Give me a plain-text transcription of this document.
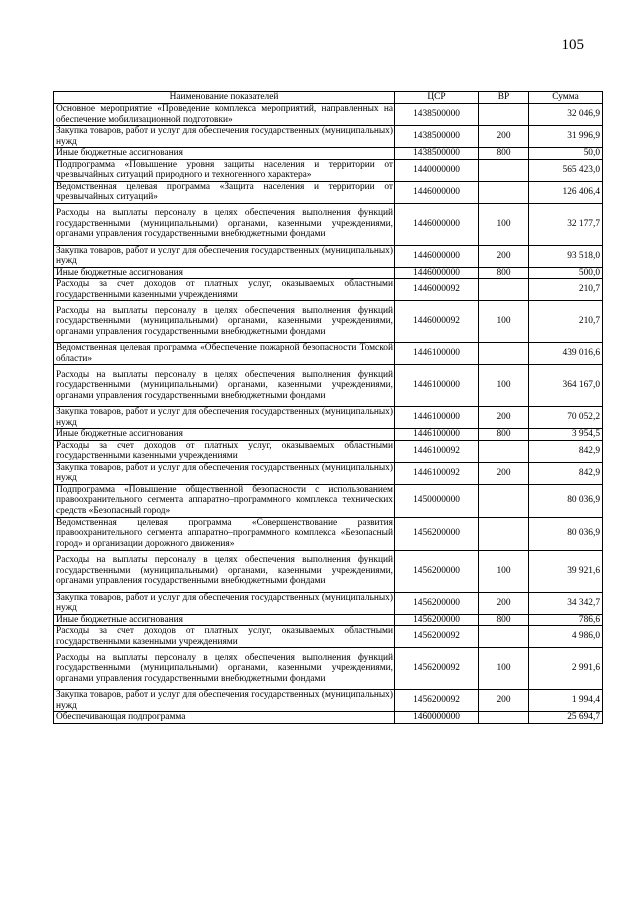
105
Наименование показателей	ЦСР	ВР	Сумма
Основное мероприятие «Проведение комплекса мероприятий, направленных на обеспечение мобилизационной подготовки»	1438500000		32 046,9
Закупка товаров, работ и услуг для обеспечения государственных (муниципальных) нужд	1438500000	200	31 996,9
Иные бюджетные ассигнования	1438500000	800	50,0
Подпрограмма «Повышение уровня защиты населения и территории от чрезвычайных ситуаций природного и техногенного характера»	1440000000		565 423,0
Ведомственная целевая программа «Защита населения и территории от чрезвычайных ситуаций»	1446000000		126 406,4
Расходы на выплаты персоналу в целях обеспечения выполнения функций государственными (муниципальными) органами, казенными учреждениями, органами управления государственными внебюджетными фондами	1446000000	100	32 177,7
Закупка товаров, работ и услуг для обеспечения государственных (муниципальных) нужд	1446000000	200	93 518,0
Иные бюджетные ассигнования	1446000000	800	500,0
Расходы за счет доходов от платных услуг, оказываемых областными государственными казенными учреждениями	1446000092		210,7
Расходы на выплаты персоналу в целях обеспечения выполнения функций государственными (муниципальными) органами, казенными учреждениями, органами управления государственными внебюджетными фондами	1446000092	100	210,7
Ведомственная целевая программа «Обеспечение пожарной безопасности Томской области»	1446100000		439 016,6
Расходы на выплаты персоналу в целях обеспечения выполнения функций государственными (муниципальными) органами, казенными учреждениями, органами управления государственными внебюджетными фондами	1446100000	100	364 167,0
Закупка товаров, работ и услуг для обеспечения государственных (муниципальных) нужд	1446100000	200	70 052,2
Иные бюджетные ассигнования	1446100000	800	3 954,5
Расходы за счет доходов от платных услуг, оказываемых областными государственными казенными учреждениями	1446100092		842,9
Закупка товаров, работ и услуг для обеспечения государственных (муниципальных) нужд	1446100092	200	842,9
Подпрограмма «Повышение общественной безопасности с использованием правоохранительного сегмента аппаратно–программного комплекса технических средств «Безопасный город»	1450000000		80 036,9
Ведомственная целевая программа «Совершенствование развития правоохранительного сегмента аппаратно–программного комплекса «Безопасный город» и организации дорожного движения»	1456200000		80 036,9
Расходы на выплаты персоналу в целях обеспечения выполнения функций государственными (муниципальными) органами, казенными учреждениями, органами управления государственными внебюджетными фондами	1456200000	100	39 921,6
Закупка товаров, работ и услуг для обеспечения государственных (муниципальных) нужд	1456200000	200	34 342,7
Иные бюджетные ассигнования	1456200000	800	786,6
Расходы за счет доходов от платных услуг, оказываемых областными государственными казенными учреждениями	1456200092		4 986,0
Расходы на выплаты персоналу в целях обеспечения выполнения функций государственными (муниципальными) органами, казенными учреждениями, органами управления государственными внебюджетными фондами	1456200092	100	2 991,6
Закупка товаров, работ и услуг для обеспечения государственных (муниципальных) нужд	1456200092	200	1 994,4
Обеспечивающая подпрограмма	1460000000		25 694,7
